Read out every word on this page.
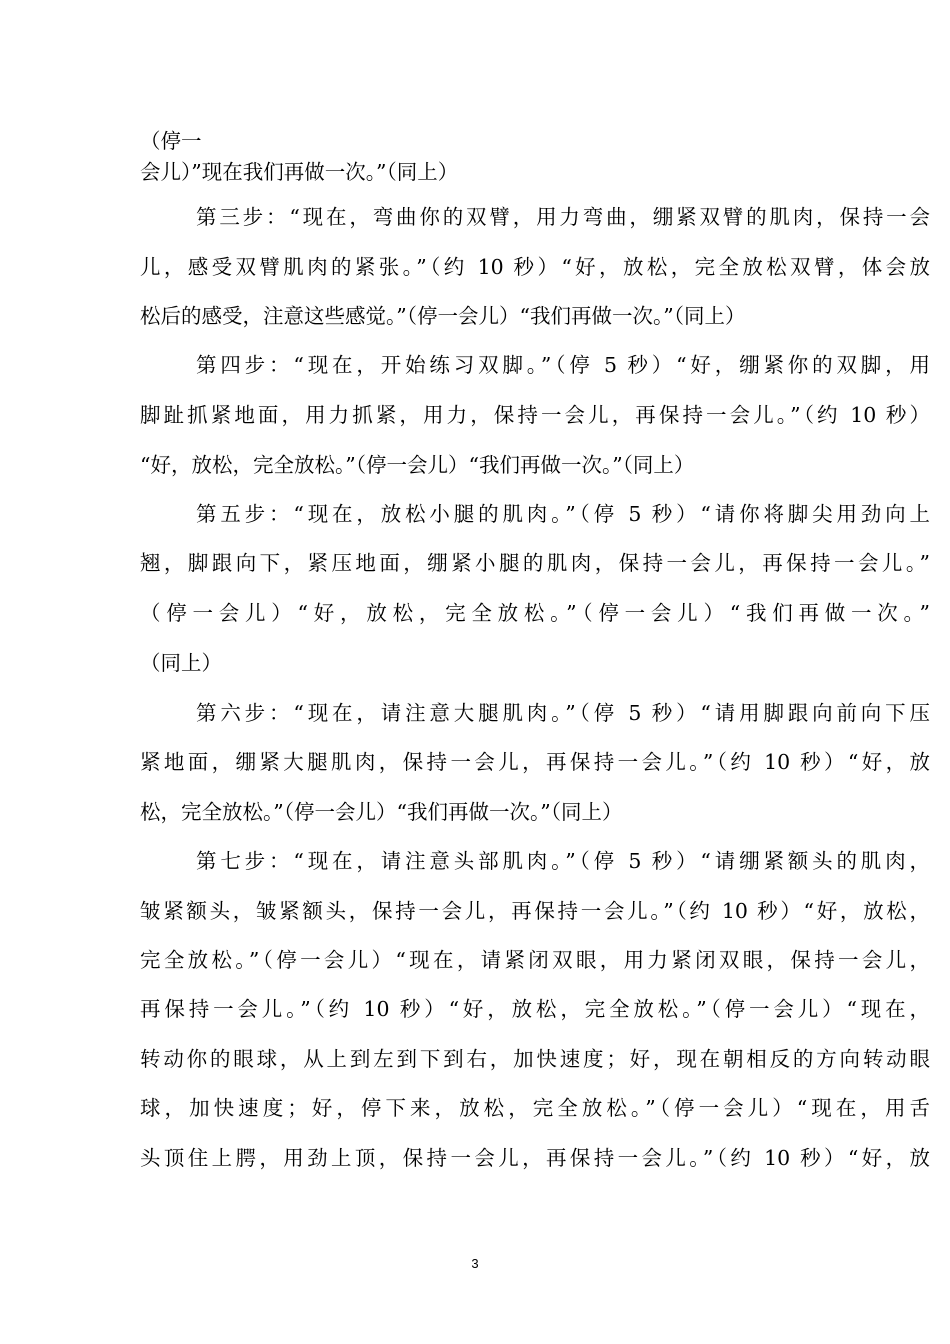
（停一
会儿）”现在我们再做一次。”（同上）
第三步：“现在，弯曲你的双臂，用力弯曲，绷紧双臂的肌肉，保持一会
儿，感受双臂肌肉的紧张。”（约 10 秒）“好，放松，完全放松双臂，体会放
松后的感受，注意这些感觉。”（停一会儿）“我们再做一次。”（同上）
第四步：“现在，开始练习双脚。”（停 5 秒）“好，绷紧你的双脚，用
脚趾抓紧地面，用力抓紧，用力，保持一会儿，再保持一会儿。”（约 10 秒）
“好，放松，完全放松。”（停一会儿）“我们再做一次。”（同上）
第五步：“现在，放松小腿的肌肉。”（停 5 秒）“请你将脚尖用劲向上
翘，脚跟向下，紧压地面，绷紧小腿的肌肉，保持一会儿，再保持一会儿。”
（停一会儿）“好，放松，完全放松。”（停一会儿）“我们再做一次。”
（同上）
第六步：“现在，请注意大腿肌肉。”（停 5 秒）“请用脚跟向前向下压
紧地面，绷紧大腿肌肉，保持一会儿，再保持一会儿。”（约 10 秒）“好，放
松，完全放松。”（停一会儿）“我们再做一次。”（同上）
第七步：“现在，请注意头部肌肉。”（停 5 秒）“请绷紧额头的肌肉，
皱紧额头，皱紧额头，保持一会儿，再保持一会儿。”（约 10 秒）“好，放松，
完全放松。”（停一会儿）“现在，请紧闭双眼，用力紧闭双眼，保持一会儿，
再保持一会儿。”（约 10 秒）“好，放松，完全放松。”（停一会儿）“现在，
转动你的眼球，从上到左到下到右，加快速度；好，现在朝相反的方向转动眼
球，加快速度；好，停下来，放松，完全放松。”（停一会儿）“现在，用舌
头顶住上腭，用劲上顶，保持一会儿，再保持一会儿。”（约 10 秒）“好，放
3
